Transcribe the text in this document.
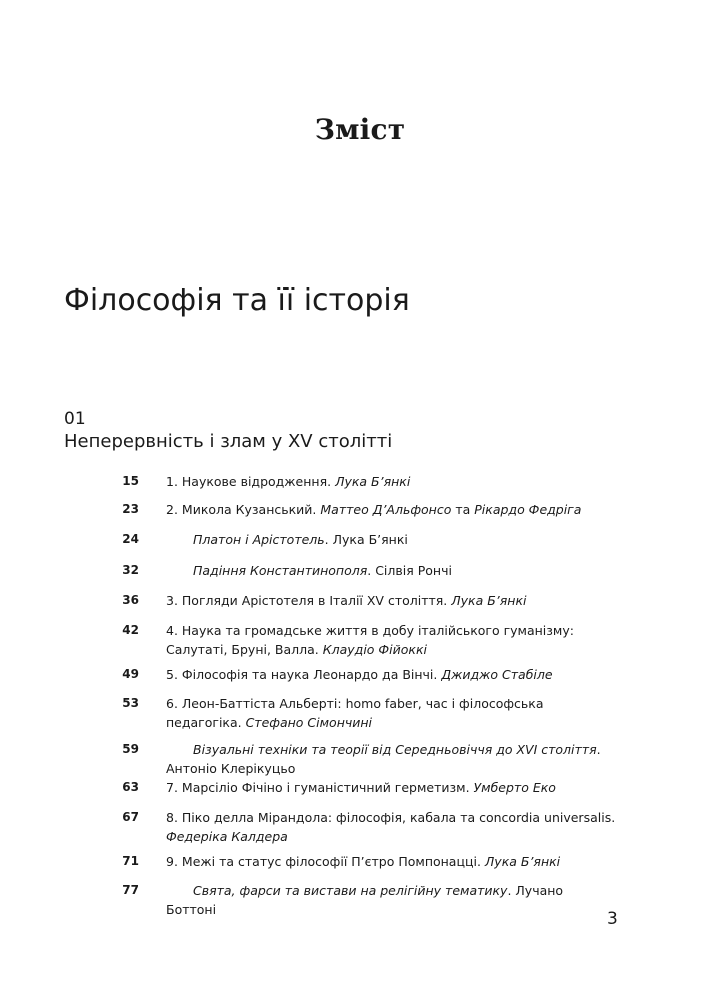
Зміст
Філософія та її історія
01
Неперервність і злам у XV столітті
15 1. Наукове відродження. Лука Б’янкі
23 2. Микола Кузанський. Маттео Д’Альфонсо та Рікардо Федріга
24	Платон і Арістотель. Лука Б’янкі
32	Падіння Константинополя. Сілвія Рончі
36 3. Погляди Арістотеля в Італії XV століття. Лука Б’янкі
42 4. Наука та громадське життя в добу італійського гуманізму: Салутаті, Бруні, Валла. Клаудіо Фійоккі
49 5. Філософія та наука Леонардо да Вінчі. Джиджо Стабіле
53 6. Леон-Баттіста Альберті: homo faber, час і філософська педагогіка. Стефано Сімончині
59	Візуальні техніки та теорії від Середньовіччя до XVI століття. Антоніо Клерікуцьо
63 7. Марсіліо Фічіно і гуманістичний герметизм. Умберто Еко
67 8. Піко делла Мірандола: філософія, кабала та concordia universalis. Федеріка Калдера
71 9. Межі та статус філософії П’єтро Помпонацці. Лука Б’янкі
77	Свята, фарси та вистави на релігійну тематику. Лучано Боттоні	3
